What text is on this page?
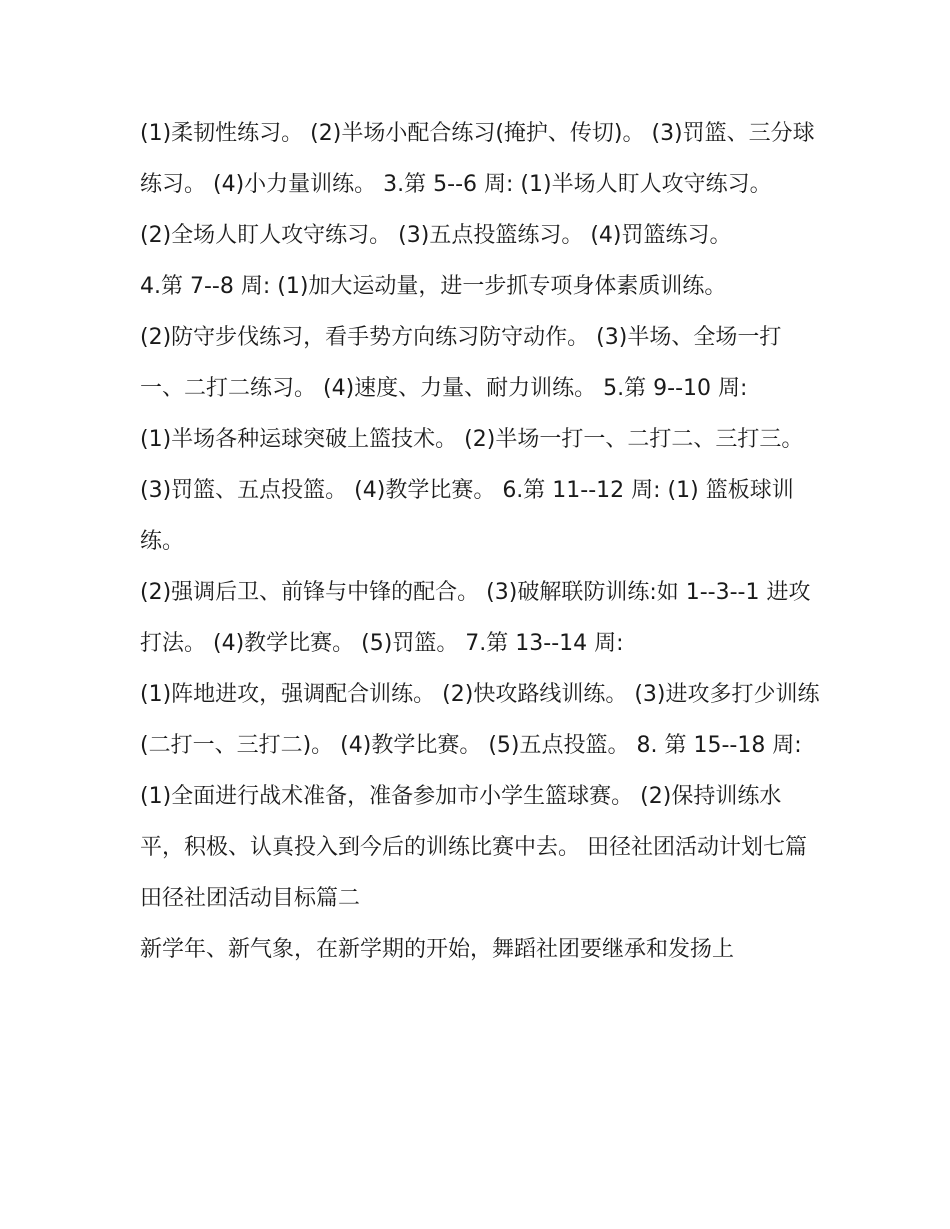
(1)柔韧性练习。 (2)半场小配合练习(掩护、传切)。 (3)罚篮、三分球练习。 (4)小力量训练。 3.第 5--6 周: (1)半场人盯人攻守练习。

(2)全场人盯人攻守练习。 (3)五点投篮练习。 (4)罚篮练习。

4.第 7--8 周: (1)加大运动量，进一步抓专项身体素质训练。

(2)防守步伐练习，看手势方向练习防守动作。 (3)半场、全场一打一、二打二练习。 (4)速度、力量、耐力训练。 5.第 9--10 周:

(1)半场各种运球突破上篮技术。 (2)半场一打一、二打二、三打三。 (3)罚篮、五点投篮。 (4)教学比赛。 6.第 11--12 周: (1) 篮板球训练。

(2)强调后卫、前锋与中锋的配合。 (3)破解联防训练:如 1--3--1 进攻打法。 (4)教学比赛。 (5)罚篮。 7.第 13--14 周:

(1)阵地进攻，强调配合训练。 (2)快攻路线训练。 (3)进攻多打少训练(二打一、三打二)。 (4)教学比赛。 (5)五点投篮。 8. 第 15--18 周:

(1)全面进行战术准备，准备参加市小学生篮球赛。 (2)保持训练水平，积极、认真投入到今后的训练比赛中去。 田径社团活动计划七篇 田径社团活动目标篇二

新学年、新气象，在新学期的开始，舞蹈社团要继承和发扬上
